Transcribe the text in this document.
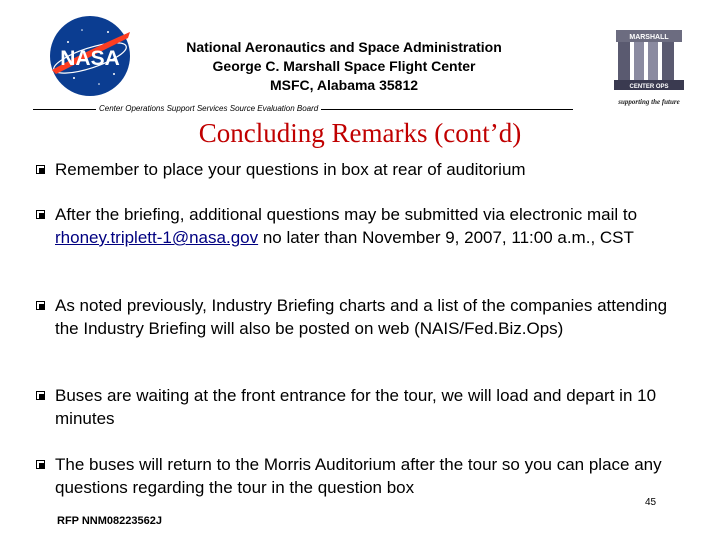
NASA	National Aeronautics and Space Administration
George C. Marshall Space Flight Center
MSFC, Alabama 35812
MARSHALL
CENTER OPS
supporting the future
Center Operations Support Services Source Evaluation Board
Concluding Remarks (cont’d)
Remember to place your questions in box at rear of auditorium
After the briefing, additional questions may be submitted via electronic mail to rhoney.triplett-1@nasa.gov no later than November 9, 2007, 11:00 a.m., CST
As noted previously, Industry Briefing charts and a list of the companies attending the Industry Briefing will also be posted on web (NAIS/Fed.Biz.Ops)
Buses are waiting at the front entrance for the tour, we will load and depart in 10 minutes
The buses will return to the Morris Auditorium after the tour so you can place any questions regarding the tour in the question box
45
RFP NNM08223562J
